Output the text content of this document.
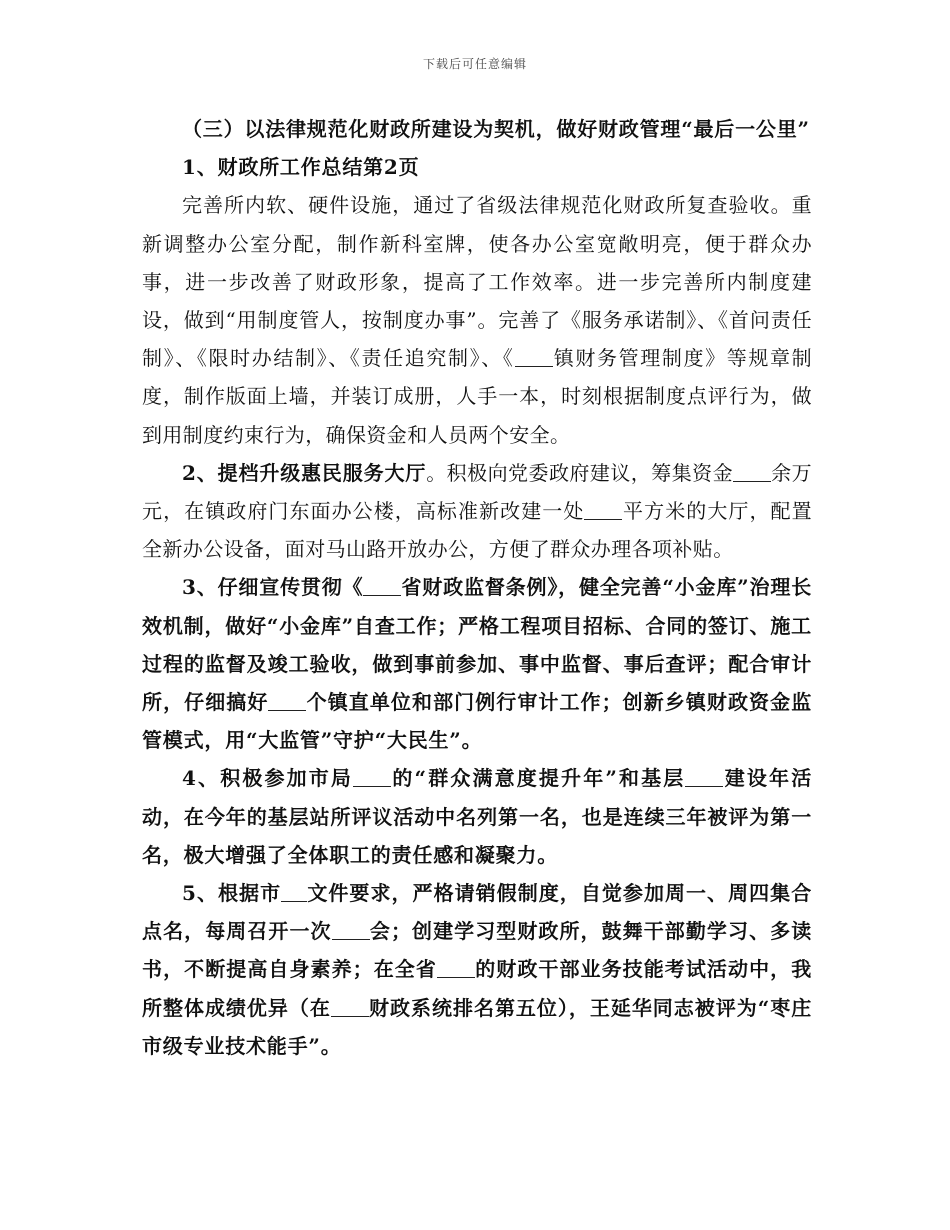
下载后可任意编辑

（三）以法律规范化财政所建设为契机，做好财政管理“最后一公里”

1、财政所工作总结第2页

完善所内软、硬件设施，通过了省级法律规范化财政所复查验收。重新调整办公室分配，制作新科室牌，使各办公室宽敞明亮，便于群众办事，进一步改善了财政形象，提高了工作效率。进一步完善所内制度建设，做到“用制度管人，按制度办事”。完善了《服务承诺制》、《首问责任制》、《限时办结制》、《责任追究制》、《 镇财务管理制度》等规章制度，制作版面上墙，并装订成册，人手一本，时刻根据制度点评行为，做到用制度约束行为，确保资金和人员两个安全。

2、提档升级惠民服务大厅。积极向党委政府建议，筹集资金 余万元，在镇政府门东面办公楼，高标准新改建一处 平方米的大厅，配置全新办公设备，面对马山路开放办公，方便了群众办理各项补贴。

3、仔细宣传贯彻《 省财政监督条例》，健全完善“小金库”治理长效机制，做好“小金库”自查工作；严格工程项目招标、合同的签订、施工过程的监督及竣工验收，做到事前参加、事中监督、事后查评；配合审计所，仔细搞好 个镇直单位和部门例行审计工作；创新乡镇财政资金监管模式，用“大监管”守护“大民生”。

4、积极参加市局 的“群众满意度提升年”和基层 建设年活动，在今年的基层站所评议活动中名列第一名，也是连续三年被评为第一名，极大增强了全体职工的责任感和凝聚力。

5、根据市 文件要求，严格请销假制度，自觉参加周一、周四集合点名，每周召开一次 会；创建学习型财政所，鼓舞干部勤学习、多读书，不断提高自身素养；在全省 的财政干部业务技能考试活动中，我所整体成绩优异（在 财政系统排名第五位），王延华同志被评为“枣庄市级专业技术能手”。
